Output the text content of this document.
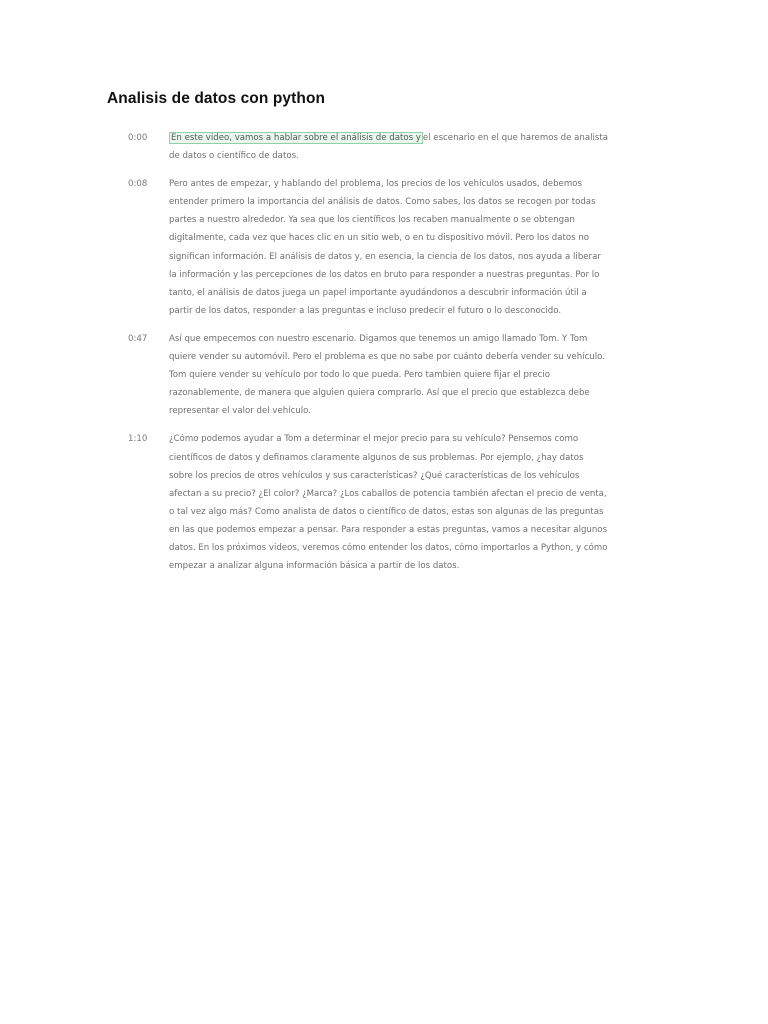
Analisis de datos con python
0:00	En este video, vamos a hablar sobre el análisis de datos y el escenario en el que haremos de analista de datos o científico de datos.

0:08	Pero antes de empezar, y hablando del problema, los precios de los vehículos usados, debemos entender primero la importancia del análisis de datos. Como sabes, los datos se recogen por todas partes a nuestro alrededor. Ya sea que los científicos los recaben manualmente o se obtengan digitalmente, cada vez que haces clic en un sitio web, o en tu dispositivo móvil. Pero los datos no significan información. El análisis de datos y, en esencia, la ciencia de los datos, nos ayuda a liberar la información y las percepciones de los datos en bruto para responder a nuestras preguntas. Por lo tanto, el análisis de datos juega un papel importante ayudándonos a descubrir información útil a partir de los datos, responder a las preguntas e incluso predecir el futuro o lo desconocido.

0:47	Así que empecemos con nuestro escenario. Digamos que tenemos un amigo llamado Tom. Y Tom quiere vender su automóvil. Pero el problema es que no sabe por cuánto debería vender su vehículo. Tom quiere vender su vehículo por todo lo que pueda. Pero tambien quiere fijar el precio razonablemente, de manera que alguien quiera comprarlo. Así que el precio que establezca debe representar el valor del vehículo.

1:10	¿Cómo podemos ayudar a Tom a determinar el mejor precio para su vehículo? Pensemos como científicos de datos y definamos claramente algunos de sus problemas. Por ejemplo, ¿hay datos sobre los precios de otros vehículos y sus características? ¿Qué características de los vehículos afectan a su precio? ¿El color? ¿Marca? ¿Los caballos de potencia también afectan el precio de venta, o tal vez algo más? Como analista de datos o científico de datos, estas son algunas de las preguntas en las que podemos empezar a pensar. Para responder a estas preguntas, vamos a necesitar algunos datos. En los próximos videos, veremos cómo entender los datos, cómo importarlos a Python, y cómo empezar a analizar alguna información básica a partir de los datos.
